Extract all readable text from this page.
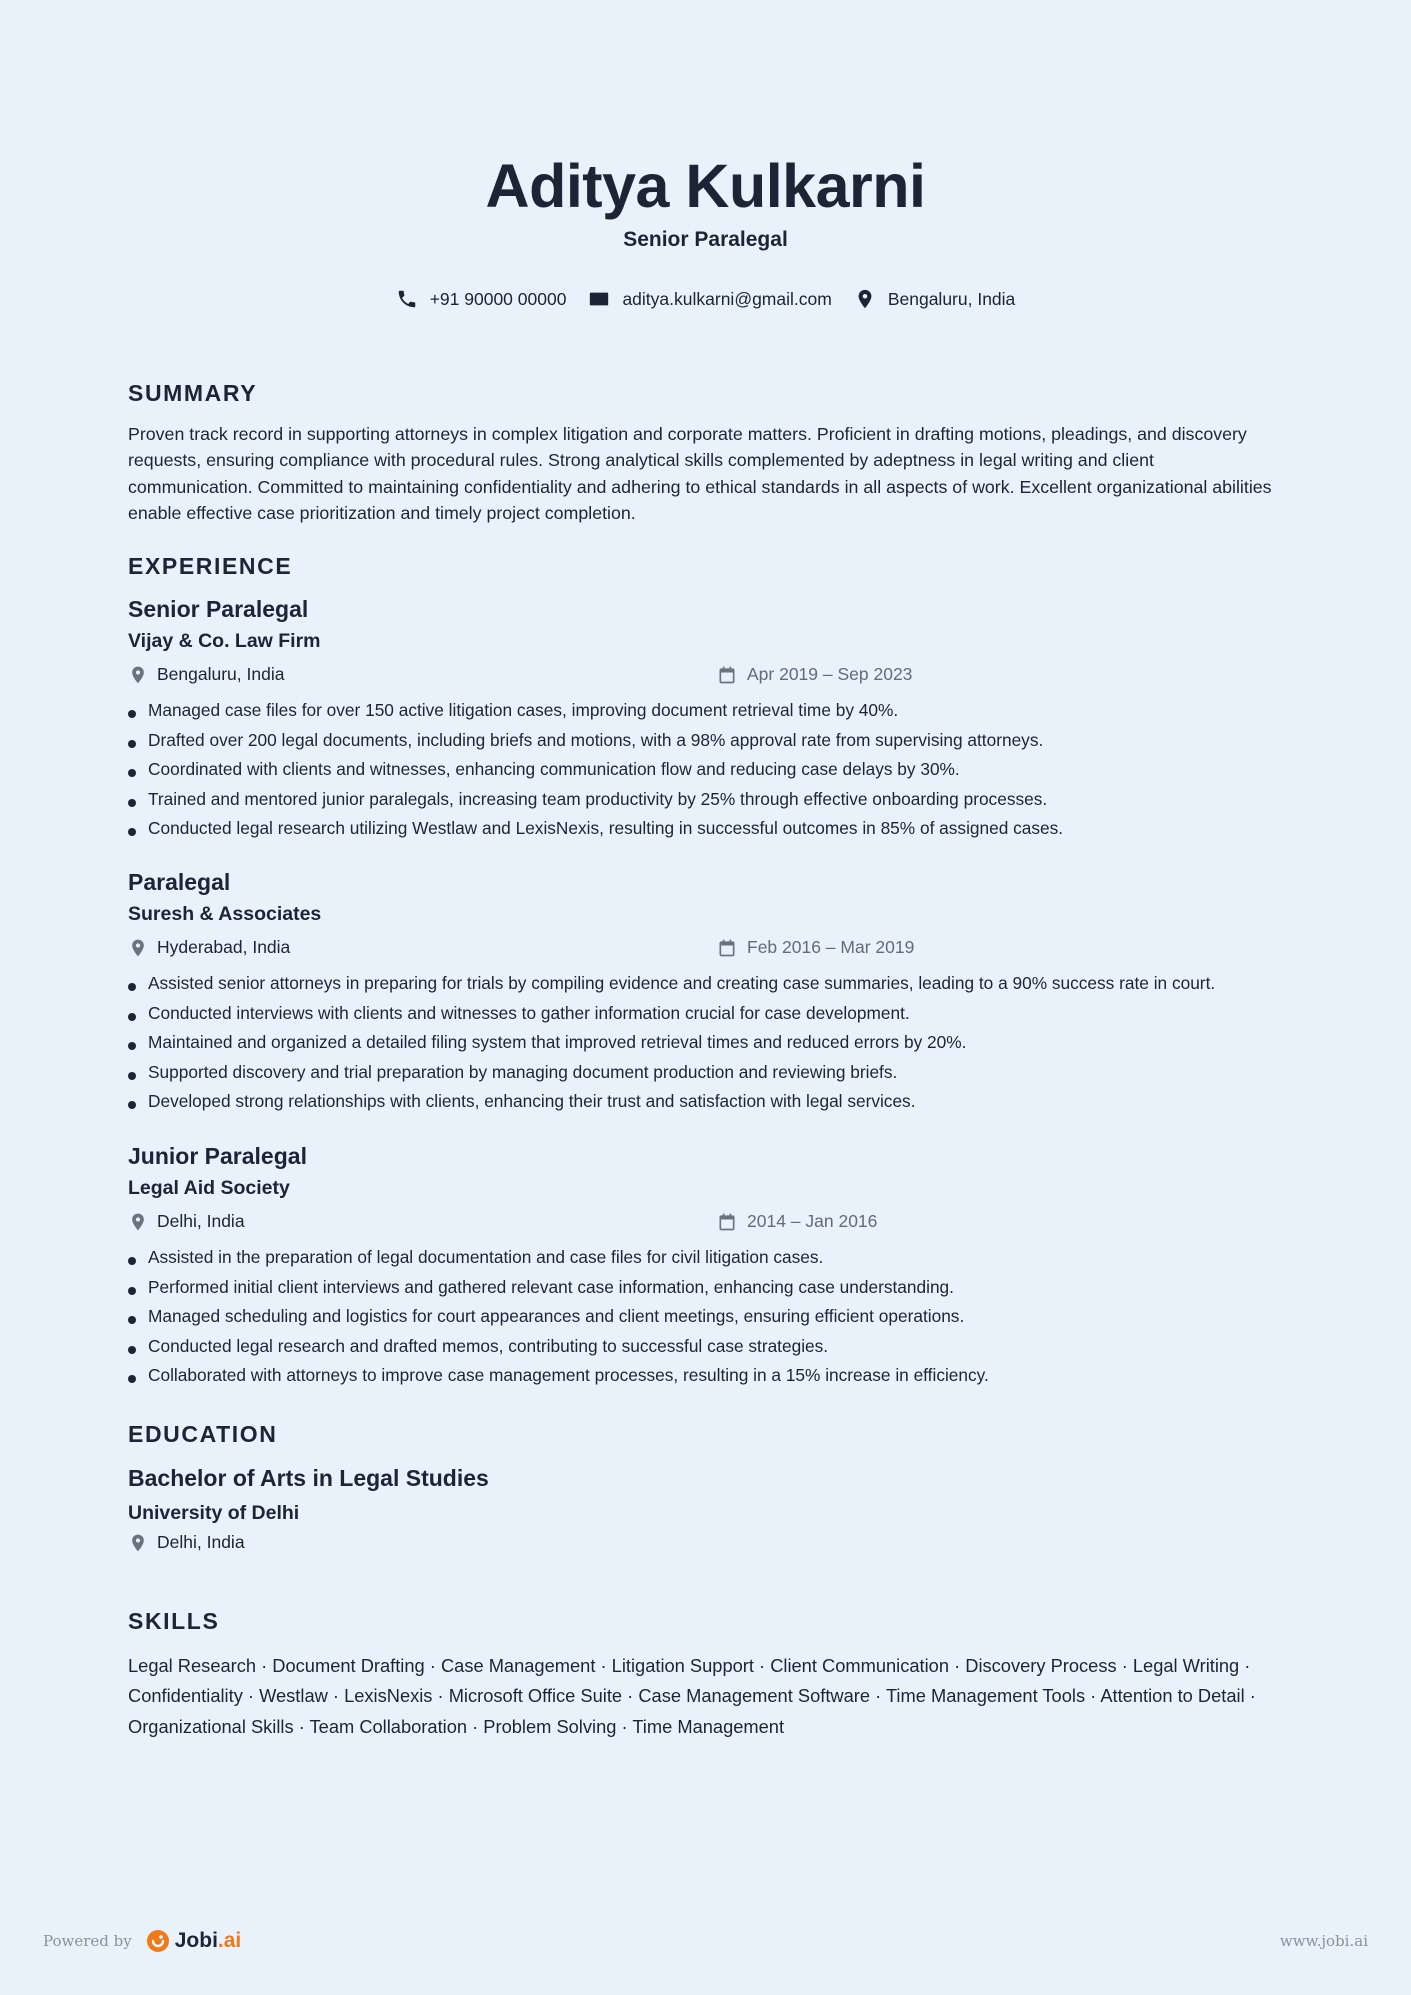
Aditya Kulkarni
Senior Paralegal
+91 90000 00000	aditya.kulkarni@gmail.com	Bengaluru, India
SUMMARY
Proven track record in supporting attorneys in complex litigation and corporate matters. Proficient in drafting motions, pleadings, and discovery requests, ensuring compliance with procedural rules. Strong analytical skills complemented by adeptness in legal writing and client communication. Committed to maintaining confidentiality and adhering to ethical standards in all aspects of work. Excellent organizational abilities enable effective case prioritization and timely project completion.
EXPERIENCE
Senior Paralegal
Vijay & Co. Law Firm
Bengaluru, India	Apr 2019 – Sep 2023
Managed case files for over 150 active litigation cases, improving document retrieval time by 40%.
Drafted over 200 legal documents, including briefs and motions, with a 98% approval rate from supervising attorneys.
Coordinated with clients and witnesses, enhancing communication flow and reducing case delays by 30%.
Trained and mentored junior paralegals, increasing team productivity by 25% through effective onboarding processes.
Conducted legal research utilizing Westlaw and LexisNexis, resulting in successful outcomes in 85% of assigned cases.
Paralegal
Suresh & Associates
Hyderabad, India	Feb 2016 – Mar 2019
Assisted senior attorneys in preparing for trials by compiling evidence and creating case summaries, leading to a 90% success rate in court.
Conducted interviews with clients and witnesses to gather information crucial for case development.
Maintained and organized a detailed filing system that improved retrieval times and reduced errors by 20%.
Supported discovery and trial preparation by managing document production and reviewing briefs.
Developed strong relationships with clients, enhancing their trust and satisfaction with legal services.
Junior Paralegal
Legal Aid Society
Delhi, India	2014 – Jan 2016
Assisted in the preparation of legal documentation and case files for civil litigation cases.
Performed initial client interviews and gathered relevant case information, enhancing case understanding.
Managed scheduling and logistics for court appearances and client meetings, ensuring efficient operations.
Conducted legal research and drafted memos, contributing to successful case strategies.
Collaborated with attorneys to improve case management processes, resulting in a 15% increase in efficiency.
EDUCATION
Bachelor of Arts in Legal Studies
University of Delhi
Delhi, India
SKILLS
Legal Research · Document Drafting · Case Management · Litigation Support · Client Communication · Discovery Process · Legal Writing · Confidentiality · Westlaw · LexisNexis · Microsoft Office Suite · Case Management Software · Time Management Tools · Attention to Detail · Organizational Skills · Team Collaboration · Problem Solving · Time Management
Powered by Jobi .ai	www.jobi.ai
